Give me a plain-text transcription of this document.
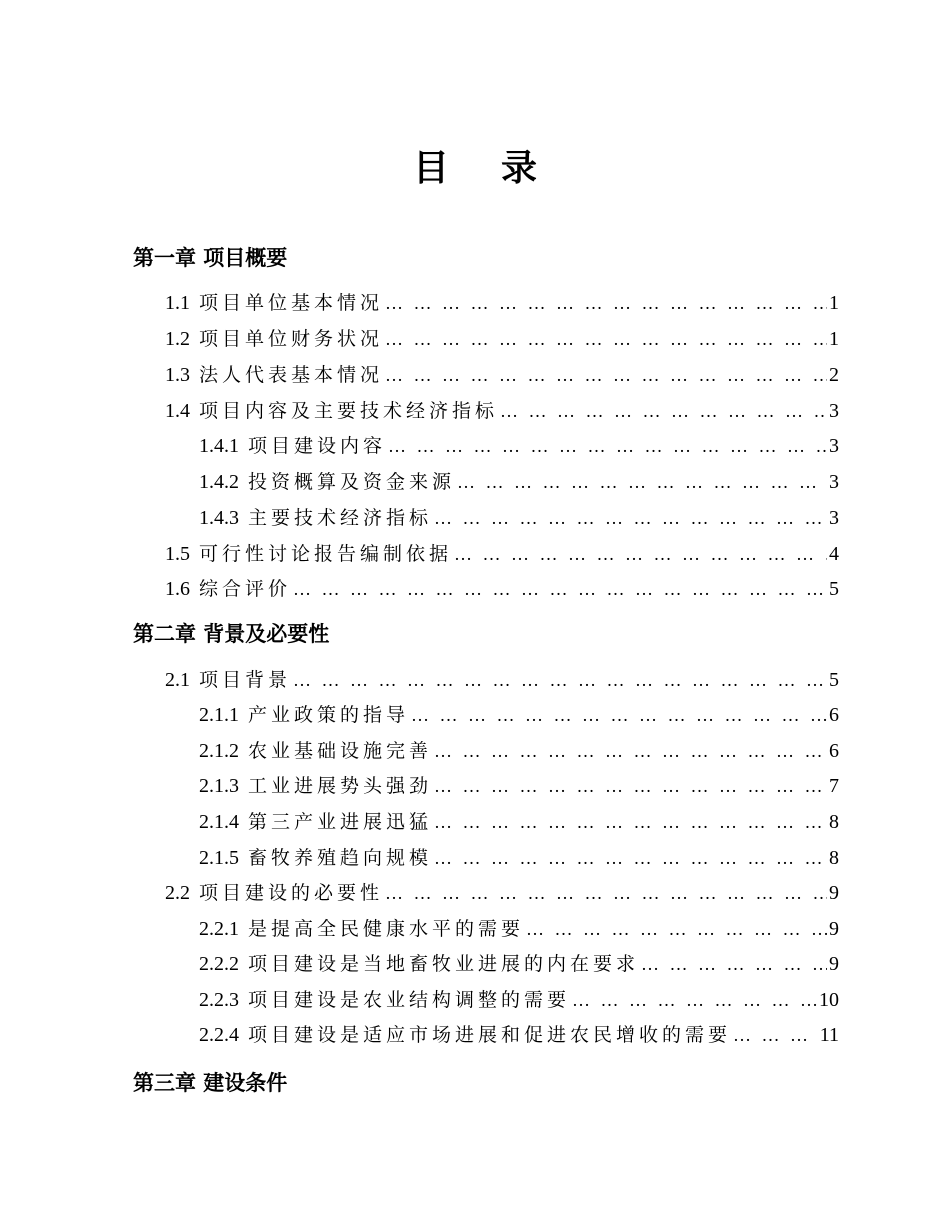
目 录
第一章 项目概要
1.1 项目单位基本情况 … … … … … … … … … … … … … … … … … … … … … … … … … … … … … … … … … … … … … … … … … … … …	1
1.2 项目单位财务状况 … … … … … … … … … … … … … … … … … … … … … … … … … … … … … … … … … … … … … … … … … … … …	1
1.3 法人代表基本情况 … … … … … … … … … … … … … … … … … … … … … … … … … … … … … … … … … … … … … … … … … … … …	2
1.4 项目内容及主要技术经济指标 … … … … … … … … … … … … … … … … … … … … … … … … … … … … … … … … … … … … … … … … … … … …	3
1.4.1 项目建设内容 … … … … … … … … … … … … … … … … … … … … … … … … … … … … … … … … … … … … … … … … … … … …	3
1.4.2 投资概算及资金来源 … … … … … … … … … … … … … … … … … … … … … … … … … … … … … … … … … … … … … … … … … … … …	3
1.4.3 主要技术经济指标 … … … … … … … … … … … … … … … … … … … … … … … … … … … … … … … … … … … … … … … … … … … …	3
1.5 可行性讨论报告编制依据 … … … … … … … … … … … … … … … … … … … … … … … … … … … … … … … … … … … … … … … … … … … …	4
1.6 综合评价 … … … … … … … … … … … … … … … … … … … … … … … … … … … … … … … … … … … … … … … … … … … …	5
第二章 背景及必要性
2.1 项目背景 … … … … … … … … … … … … … … … … … … … … … … … … … … … … … … … … … … … … … … … … … … … …	5
2.1.1 产业政策的指导 … … … … … … … … … … … … … … … … … … … … … … … … … … … … … … … … … … … … … … … … … … … …	6
2.1.2 农业基础设施完善 … … … … … … … … … … … … … … … … … … … … … … … … … … … … … … … … … … … … … … … … … … … …	6
2.1.3 工业进展势头强劲 … … … … … … … … … … … … … … … … … … … … … … … … … … … … … … … … … … … … … … … … … … … …	7
2.1.4 第三产业进展迅猛 … … … … … … … … … … … … … … … … … … … … … … … … … … … … … … … … … … … … … … … … … … … …	8
2.1.5 畜牧养殖趋向规模 … … … … … … … … … … … … … … … … … … … … … … … … … … … … … … … … … … … … … … … … … … … …	8
2.2 项目建设的必要性 … … … … … … … … … … … … … … … … … … … … … … … … … … … … … … … … … … … … … … … … … … … …	9
2.2.1 是提高全民健康水平的需要 … … … … … … … … … … … … … … … … … … … … … … … … … … … … … … … … … … … … … … … … … … … …	9
2.2.2 项目建设是当地畜牧业进展的内在要求 … … … … … … … … … … … … … … … … … … … … … … … … … … … … … … … … … … … … … … … … … … … …	9
2.2.3 项目建设是农业结构调整的需要 … … … … … … … … … … … … … … … … … … … … … … … … … … … … … … … … … … … … … … … … … … … …	10
2.2.4 项目建设是适应市场进展和促进农民增收的需要 … … … … … … … … … … … … … … … … … … … … … … … … … … … … … … … … … … … … … … … … … … … …	11
第三章 建设条件
